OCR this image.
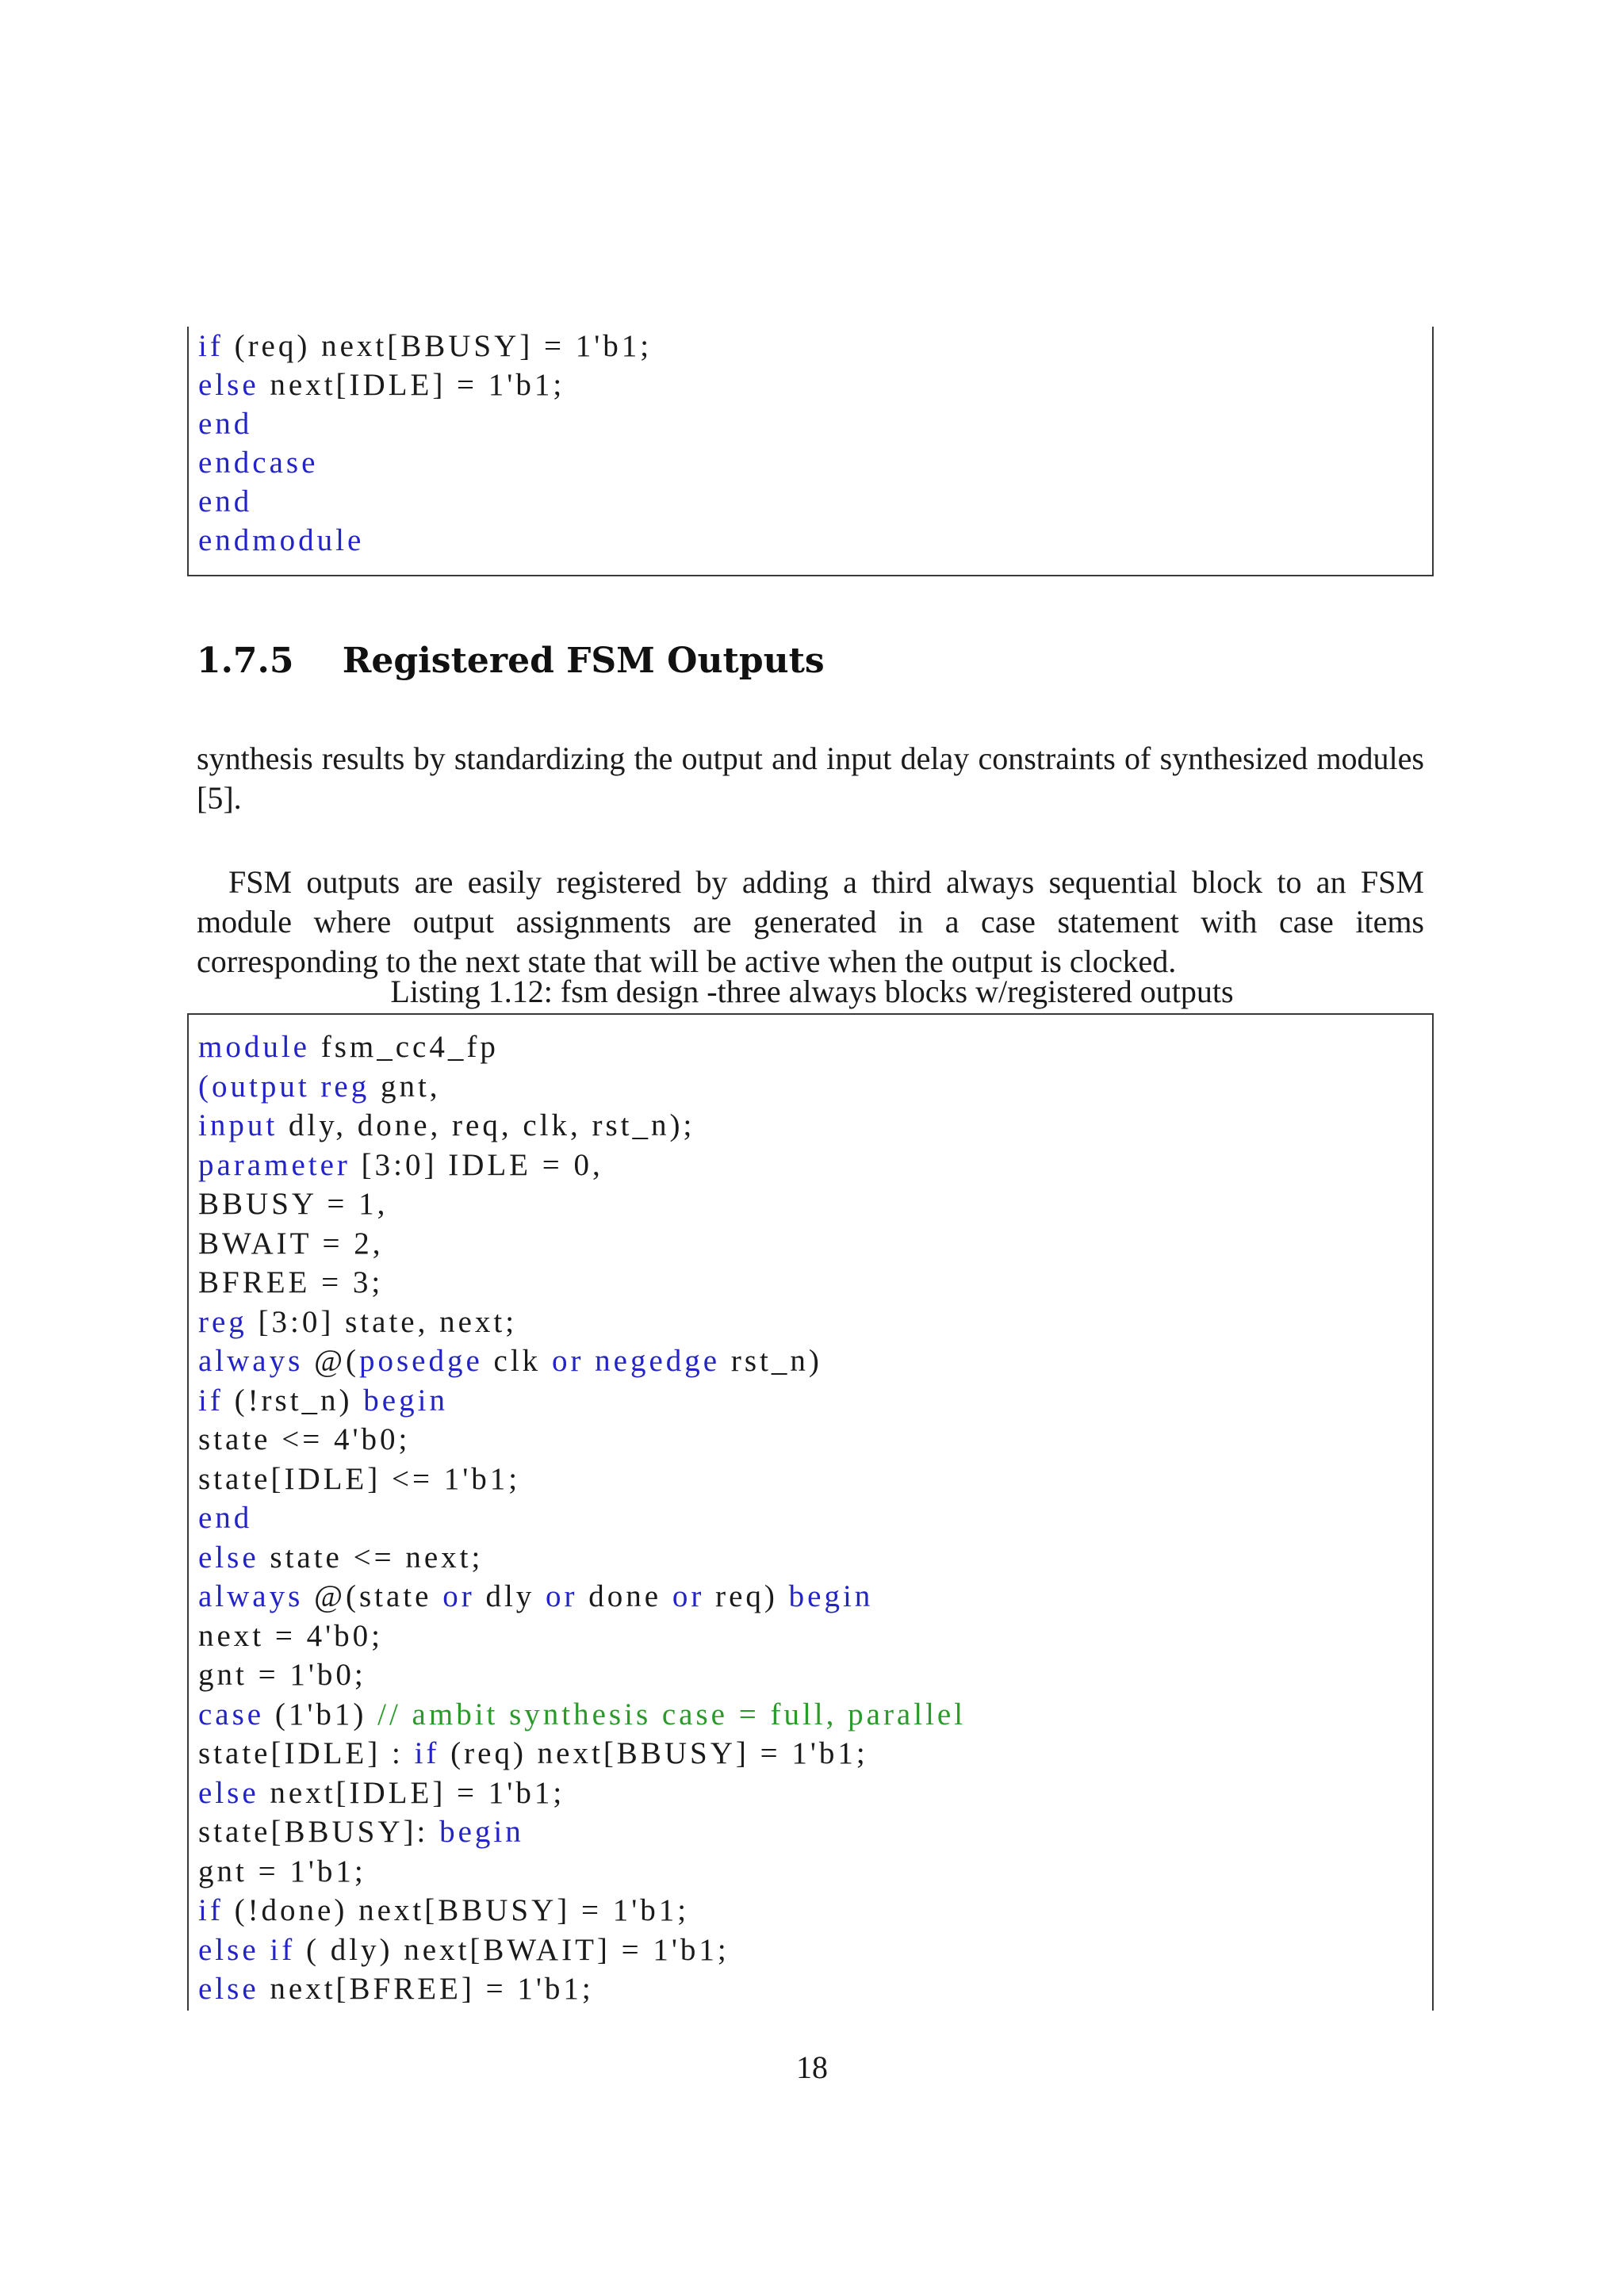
if (req) next[BBUSY] = 1'b1;
else next[IDLE] = 1'b1;
end
endcase
end
endmodule
1.7.5    Registered FSM Outputs

synthesis results by standardizing the output and input delay constraints of synthesized modules [5].

FSM outputs are easily registered by adding a third always sequential block to an FSM module where output assignments are generated in a case statement with case items corresponding to the next state that will be active when the output is clocked.

Listing 1.12: fsm design -three always blocks w/registered outputs
module fsm_cc4_fp
(output reg gnt,
input dly, done, req, clk, rst_n);
parameter [3:0] IDLE = 0,
BBUSY = 1,
BWAIT = 2,
BFREE = 3;
reg [3:0] state, next;
always @(posedge clk or negedge rst_n)
if (!rst_n) begin
state <= 4'b0;
state[IDLE] <= 1'b1;
end
else state <= next;
always @(state or dly or done or req) begin
next = 4'b0;
gnt = 1'b0;
case (1'b1) // ambit synthesis case = full, parallel
state[IDLE] : if (req) next[BBUSY] = 1'b1;
else next[IDLE] = 1'b1;
state[BBUSY]: begin
gnt = 1'b1;
if (!done) next[BBUSY] = 1'b1;
else if ( dly) next[BWAIT] = 1'b1;
else next[BFREE] = 1'b1;
18
